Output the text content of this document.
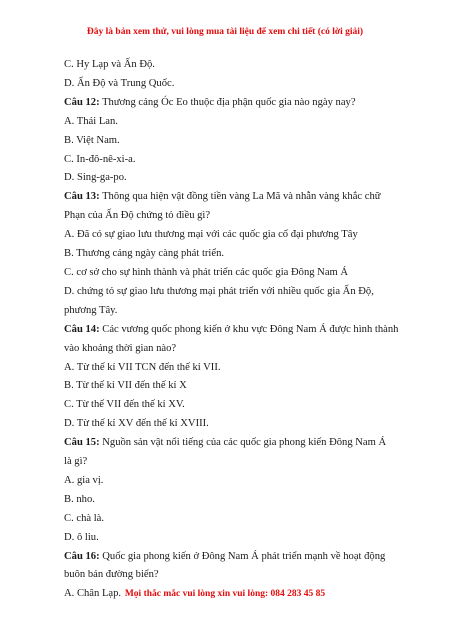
Đây là bản xem thử, vui lòng mua tài liệu để xem chi tiết (có lời giải)
C. Hy Lạp và Ấn Độ.
D. Ấn Độ và Trung Quốc.
Câu 12: Thương cảng Óc Eo thuộc địa phận quốc gia nào ngày nay?
A. Thái Lan.
B. Việt Nam.
C. In-đô-nê-xi-a.
D. Sing-ga-po.
Câu 13: Thông qua hiện vật đồng tiền vàng La Mã và nhẫn vàng khắc chữ
Phạn của Ấn Độ chứng tỏ điều gì?
A. Đã có sự giao lưu thương mại với các quốc gia cổ đại phương Tây
B. Thương cảng ngày càng phát triển.
C. cơ sở cho sự hình thành và phát triển các quốc gia Đông Nam Á
D. chứng tỏ sự giao lưu thương mại phát triển với nhiều quốc gia Ấn Độ,
phương Tây.
Câu 14: Các vương quốc phong kiến ở khu vực Đông Nam Á được hình thành
vào khoảng thời gian nào?
A. Từ thế kỉ VII TCN đến thế kỉ VII.
B. Từ thế kỉ VII đến thế kỉ X
C. Từ thế VII đến thế kỉ XV.
D. Từ thế kỉ XV đến thế kỉ XVIII.
Câu 15: Nguồn sản vật nổi tiếng của các quốc gia phong kiến Đông Nam Á
là gì?
A. gia vị.
B. nho.
C. chà là.
D. ô liu.
Câu 16: Quốc gia phong kiến ở Đông Nam Á phát triển mạnh về hoạt động
buôn bán đường biển?
A. Chân Lạp. Mọi thắc mắc vui lòng xin vui lòng: 084 283 45 85
